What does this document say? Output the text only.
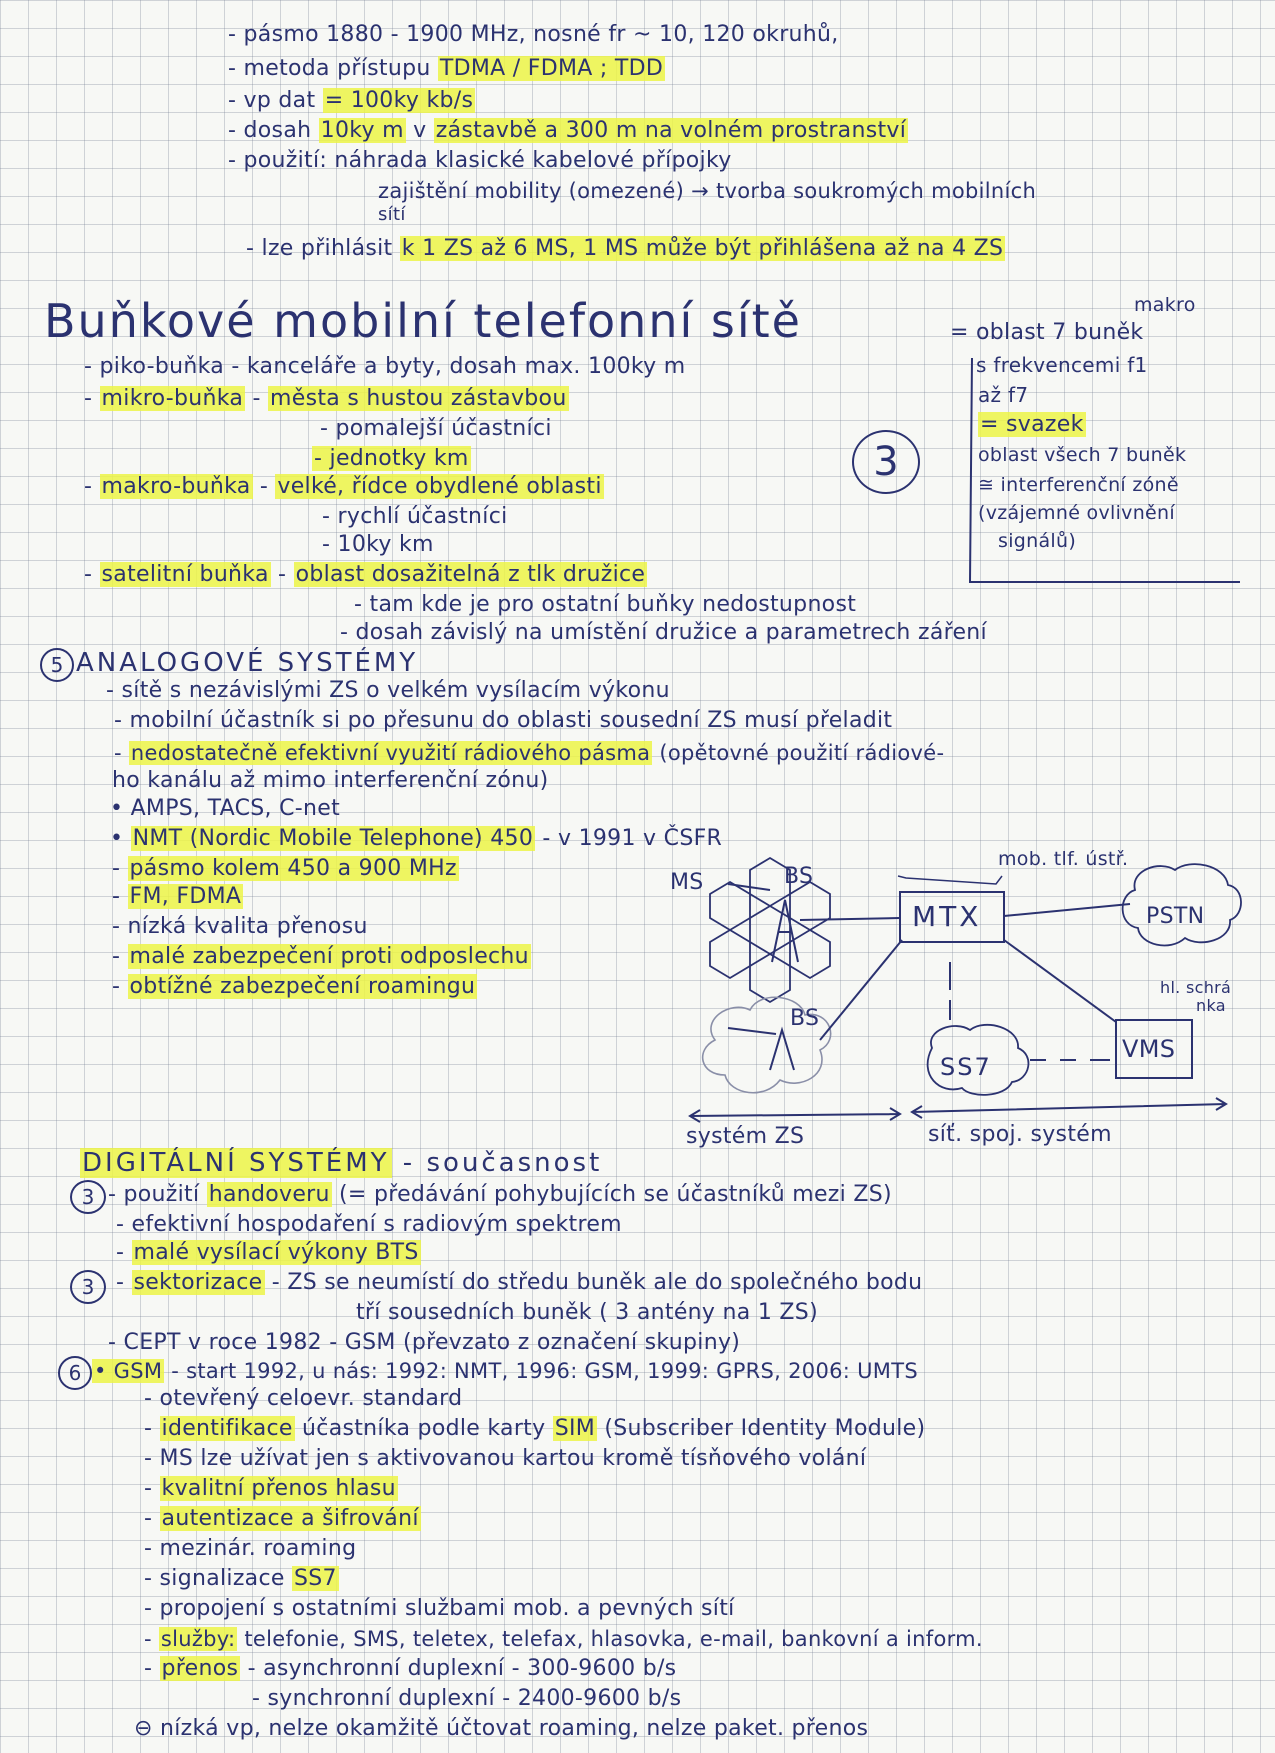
- pásmo 1880 - 1900 MHz, nosné fr ~ 10, 120 okruhů,
- metoda přístupu TDMA / FDMA ; TDD
- vp dat = 100ky kb/s
- dosah 10ky m v zástavbě a 300 m na volném prostranství
- použití: náhrada klasické kabelové přípojky
zajištění mobility (omezené) → tvorba soukromých mobilních
sítí
- lze přihlásit k 1 ZS až 6 MS, 1 MS může být přihlášena až na 4 ZS
Buňkové mobilní telefonní sítě	makro
= oblast 7 buněk
s frekvencemi f1
až f7
= svazek
oblast všech 7 buněk
≅ interferenční zóně
(vzájemné ovlivnění
signálů)
3
- piko-buňka - kanceláře a byty, dosah max. 100ky m
- mikro-buňka - města s hustou zástavbou
- pomalejší účastníci
- jednotky km
- makro-buňka - velké, řídce obydlené oblasti
- rychlí účastníci
- 10ky km
- satelitní buňka - oblast dosažitelná z tlk družice
- tam kde je pro ostatní buňky nedostupnost
- dosah závislý na umístění družice a parametrech záření
5 ANALOGOVÉ SYSTÉMY
- sítě s nezávislými ZS o velkém vysílacím výkonu
- mobilní účastník si po přesunu do oblasti sousední ZS musí přeladit
- nedostatečně efektivní využití rádiového pásma (opětovné použití rádiové-
ho kanálu až mimo interferenční zónu)
• AMPS, TACS, C-net
• NMT (Nordic Mobile Telephone) 450 - v 1991 v ČSFR
- pásmo kolem 450 a 900 MHz
- FM, FDMA
- nízká kvalita přenosu
- malé zabezpečení proti odposlechu
- obtížné zabezpečení roamingu
MS	BS
BS
MTX
mob. tlf. ústř.
PSTN
SS7
VMS
hl. schrá
nka
systém ZS	síť. spoj. systém
DIGITÁLNÍ SYSTÉMY - současnost
3 - použití handoveru (= předávání pohybujících se účastníků mezi ZS)
- efektivní hospodaření s radiovým spektrem
- malé vysílací výkony BTS
3 - sektorizace - ZS se neumístí do středu buněk ale do společného bodu
tří sousedních buněk ( 3 antény na 1 ZS)
- CEPT v roce 1982 - GSM (převzato z označení skupiny)
6 • GSM - start 1992, u nás: 1992: NMT, 1996: GSM, 1999: GPRS, 2006: UMTS
- otevřený celoevr. standard
- identifikace účastníka podle karty SIM (Subscriber Identity Module)
- MS lze užívat jen s aktivovanou kartou kromě tísňového volání
- kvalitní přenos hlasu
- autentizace a šifrování
- mezinár. roaming
- signalizace SS7
- propojení s ostatními službami mob. a pevných sítí
- služby: telefonie, SMS, teletex, telefax, hlasovka, e-mail, bankovní a inform.
- přenos - asynchronní duplexní - 300-9600 b/s
- synchronní duplexní - 2400-9600 b/s
⊖ nízká vp, nelze okamžitě účtovat roaming, nelze paket. přenos
